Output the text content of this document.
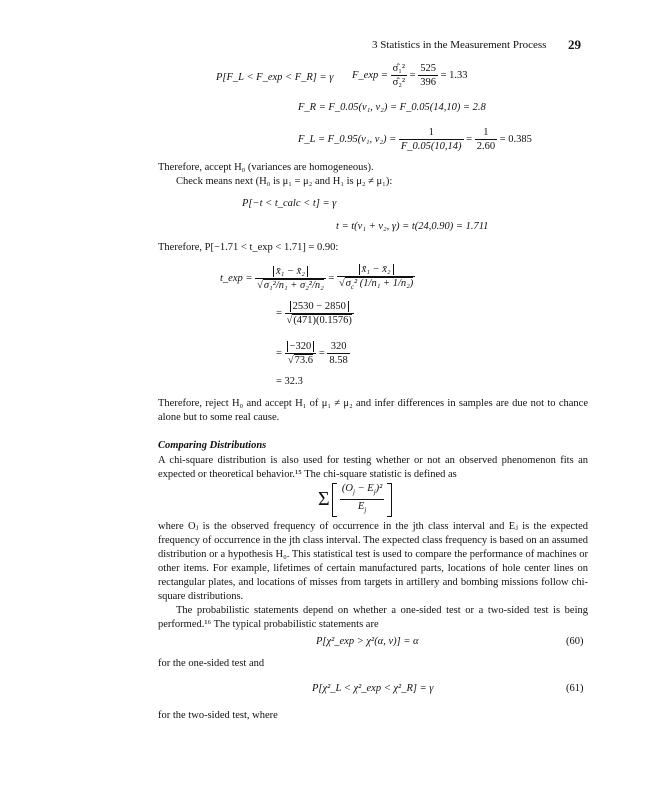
3 Statistics in the Measurement Process 29
P[F_L < F_exp < F_R] = γ F_exp = $\frac{\text{σ̂₁²}}{\text{σ̂₂²}} = \frac{525}{396} = 1.33$
F_R = F_0.05(ν₁, ν₂) = F_0.05(14,10) = 2.8
F_L = F_0.95(ν₁, $\nu_2) = \frac{1}{F\_0.05(10,14)} = \frac{1}{2.60} = 0.385$
Therefore, accept H₀ (variances are homogeneous).
Check means next (H₀ is μ₁ = μ₂ and H₁ is μ₂ ≠ μ₁):
P[−t < t_calc < t] = γ
t = t(ν₁ + ν₂, γ) = t(24,0.90) = 1.711
Therefore, P[−1.71 < t_exp < 1.71] = 0.90:
t_exp = $\frac{\text{x̄₁ − x̄₂}}{\text{√σ₁²/n₁ + σ₂²/n₂}} = \frac{\text{x̄₁ − x̄₂}}{√\sigma_c^2 (1/n_1 + 1/n_2)}$
= $\frac{2530 - 2850}{√(471)(0.1576)}$
= $\frac{-320}{√73.6} = \frac{320}{8.58}$
= 32.3
Therefore, reject H₀ and accept H₁ of μ₁ ≠ μ₂ and infer differences in samples are due not to chance alone but to some real cause.
Comparing Distributions
A chi-square distribution is also used for testing whether or not an observed phenomenon fits an expected or theoretical behavior.¹⁵ The chi-square statistic is defined as
Σ $\frac{(O_j - E_j)^2}{E_j}$

where Oⱼ is the observed frequency of occurrence in the jth class interval and Eⱼ is the expected frequency of occurrence in the jth class interval. The expected class frequency is based on an assumed distribution or a hypothesis H₀. This statistical test is used to compare the performance of machines or other items. For example, lifetimes of certain manufactured parts, locations of hole center lines on rectangular plates, and locations of misses from targets in artillery and bombing missions follow chi-square distributions.
The probabilistic statements depend on whether a one-sided test or a two-sided test is being performed.¹⁶ The typical probabilistic statements are
P[χ²_exp > χ²(α, ν)] = α	(60)
for the one-sided test and
P[χ²_L < χ²_exp < χ²_R] = γ	(61)
for the two-sided test, where
